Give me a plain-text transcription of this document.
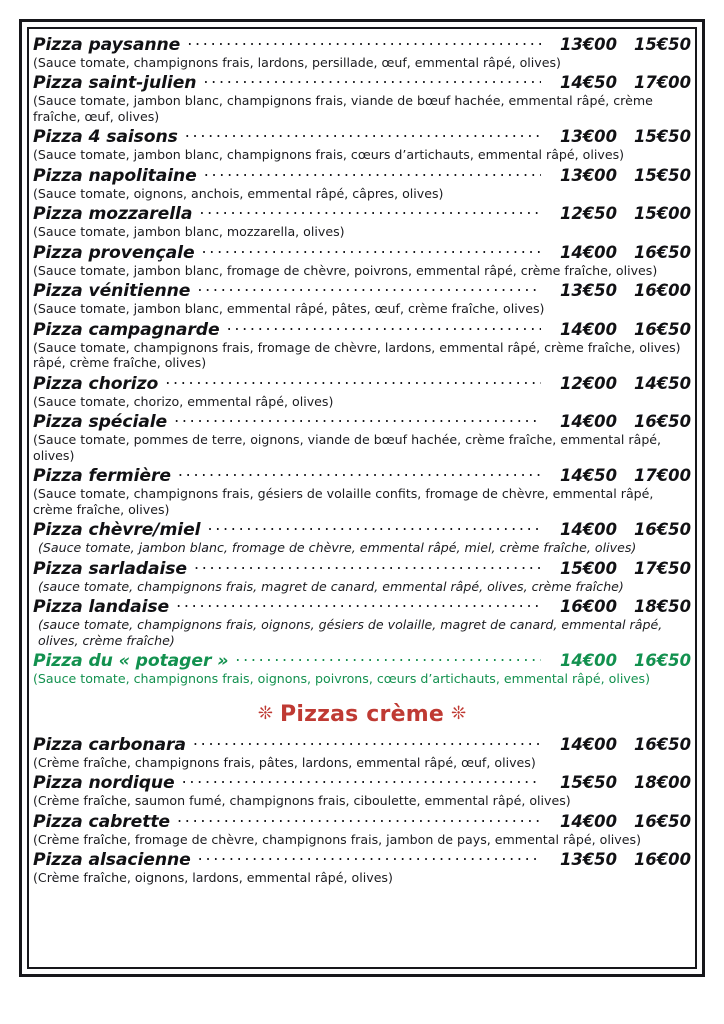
Pizza paysanne .....	13€00	15€50
(Sauce tomate, champignons frais, lardons, persillade, œuf, emmental râpé, olives)
Pizza saint-julien .....	14€50	17€00
(Sauce tomate, jambon blanc, champignons frais, viande de bœuf hachée, emmental râpé, crème fraîche, œuf, olives)
Pizza 4 saisons .....	13€00	15€50
(Sauce tomate, jambon blanc, champignons frais, cœurs d’artichauts, emmental râpé, olives)
Pizza napolitaine .....	13€00	15€50
(Sauce tomate, oignons, anchois, emmental râpé, câpres, olives)
Pizza mozzarella .....	12€50	15€00
(Sauce tomate, jambon blanc, mozzarella, olives)
Pizza provençale .....	14€00	16€50
(Sauce tomate, jambon blanc, fromage de chèvre, poivrons, emmental râpé, crème fraîche, olives)
Pizza vénitienne .....	13€50	16€00
(Sauce tomate, jambon blanc, emmental râpé, pâtes, œuf, crème fraîche, olives)
Pizza campagnarde .....	14€00	16€50
(Sauce tomate, champignons frais, fromage de chèvre, lardons, emmental râpé, crème fraîche, olives) râpé, crème fraîche, olives)
Pizza chorizo .....	12€00	14€50
(Sauce tomate, chorizo, emmental râpé, olives)
Pizza spéciale .....	14€00	16€50
(Sauce tomate, pommes de terre, oignons, viande de bœuf hachée, crème fraîche, emmental râpé, olives)
Pizza fermière .....	14€50	17€00
(Sauce tomate, champignons frais, gésiers de volaille confits, fromage de chèvre, emmental râpé, crème fraîche, olives)
Pizza chèvre/miel .....	14€00	16€50
(Sauce tomate, jambon blanc, fromage de chèvre, emmental râpé, miel, crème fraîche, olives)
Pizza sarladaise .....	15€00	17€50
(sauce tomate, champignons frais, magret de canard, emmental râpé, olives, crème fraîche)
Pizza landaise .....	16€00	18€50
(sauce tomate, champignons frais, oignons, gésiers de volaille, magret de canard, emmental râpé, olives, crème fraîche)
Pizza du « potager » .....	14€00	16€50
(Sauce tomate, champignons frais, oignons, poivrons, cœurs d’artichauts, emmental râpé, olives)
❊ Pizzas crème ❊
Pizza carbonara .....	14€00	16€50
(Crème fraîche, champignons frais, pâtes, lardons, emmental râpé, œuf, olives)
Pizza nordique .....	15€50	18€00
(Crème fraîche, saumon fumé, champignons frais, ciboulette, emmental râpé, olives)
Pizza cabrette .....	14€00	16€50
(Crème fraîche, fromage de chèvre, champignons frais, jambon de pays, emmental râpé, olives)
Pizza alsacienne .....	13€50	16€00
(Crème fraîche, oignons, lardons, emmental râpé, olives)
